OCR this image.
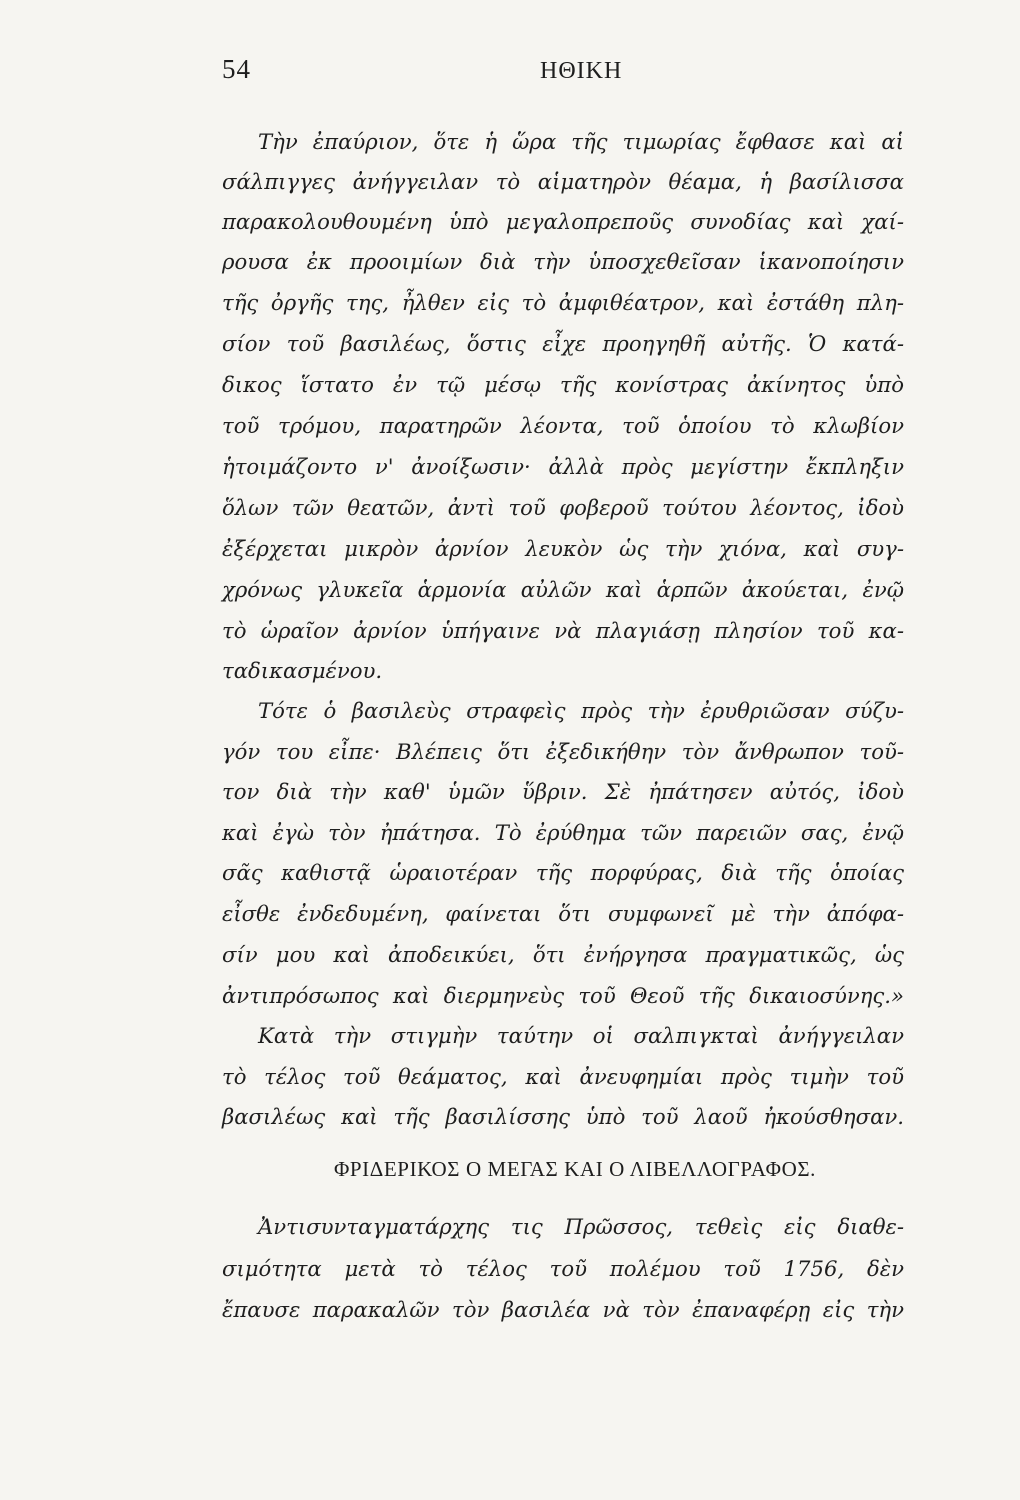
54	ΗΘΙΚΗ
Τὴν ἐπαύριον, ὅτε ἡ ὥρα τῆς τιμωρίας ἔφθασε καὶ αἱ
σάλπιγγες ἀνήγγειλαν τὸ αἱματηρὸν θέαμα, ἡ βασίλισσα
παρακολουθουμένη ὑπὸ μεγαλοπρεποῦς συνοδίας καὶ χαί-
ρουσα ἐκ προοιμίων διὰ τὴν ὑποσχεθεῖσαν ἱκανοποίησιν
τῆς ὀργῆς της, ἦλθεν εἰς τὸ ἀμφιθέατρον, καὶ ἐστάθη πλη-
σίον τοῦ βασιλέως, ὅστις εἶχε προηγηθῆ αὐτῆς. Ὁ κατά-
δικος ἵστατο ἐν τῷ μέσῳ τῆς κονίστρας ἀκίνητος ὑπὸ
τοῦ τρόμου, παρατηρῶν λέοντα, τοῦ ὁποίου τὸ κλωβίον
ἡτοιμάζοντο ν' ἀνοίξωσιν· ἀλλὰ πρὸς μεγίστην ἔκπληξιν
ὅλων τῶν θεατῶν, ἀντὶ τοῦ φοβεροῦ τούτου λέοντος, ἰδοὺ
ἐξέρχεται μικρὸν ἀρνίον λευκὸν ὡς τὴν χιόνα, καὶ συγ-
χρόνως γλυκεῖα ἁρμονία αὐλῶν καὶ ἁρπῶν ἀκούεται, ἐνῷ
τὸ ὡραῖον ἀρνίον ὑπήγαινε νὰ πλαγιάσῃ πλησίον τοῦ κα-
ταδικασμένου.
Τότε ὁ βασιλεὺς στραφεὶς πρὸς τὴν ἐρυθριῶσαν σύζυ-
γόν του εἶπε· Βλέπεις ὅτι ἐξεδικήθην τὸν ἄνθρωπον τοῦ-
τον διὰ τὴν καθ' ὑμῶν ὕβριν. Σὲ ἠπάτησεν αὐτός, ἰδοὺ
καὶ ἐγὼ τὸν ἠπάτησα. Τὸ ἐρύθημα τῶν παρειῶν σας, ἐνῷ
σᾶς καθιστᾷ ὡραιοτέραν τῆς πορφύρας, διὰ τῆς ὁποίας
εἶσθε ἐνδεδυμένη, φαίνεται ὅτι συμφωνεῖ μὲ τὴν ἀπόφα-
σίν μου καὶ ἀποδεικύει, ὅτι ἐνήργησα πραγματικῶς, ὡς
ἀντιπρόσωπος καὶ διερμηνεὺς τοῦ Θεοῦ τῆς δικαιοσύνης.»
Κατὰ τὴν στιγμὴν ταύτην οἱ σαλπιγκταὶ ἀνήγγειλαν
τὸ τέλος τοῦ θεάματος, καὶ ἀνευφημίαι πρὸς τιμὴν τοῦ
βασιλέως καὶ τῆς βασιλίσσης ὑπὸ τοῦ λαοῦ ἠκούσθησαν.
Ἀντισυνταγματάρχης τις Πρῶσσος, τεθεὶς εἰς διαθε-
σιμότητα μετὰ τὸ τέλος τοῦ πολέμου τοῦ 1756, δὲν
ἔπαυσε παρακαλῶν τὸν βασιλέα νὰ τὸν ἐπαναφέρῃ εἰς τὴν
ΦΡΙΔΕΡΙΚΟΣ Ο ΜΕΓΑΣ ΚΑΙ Ο ΛΙΒΕΛΛΟΓΡΑΦΟΣ.
